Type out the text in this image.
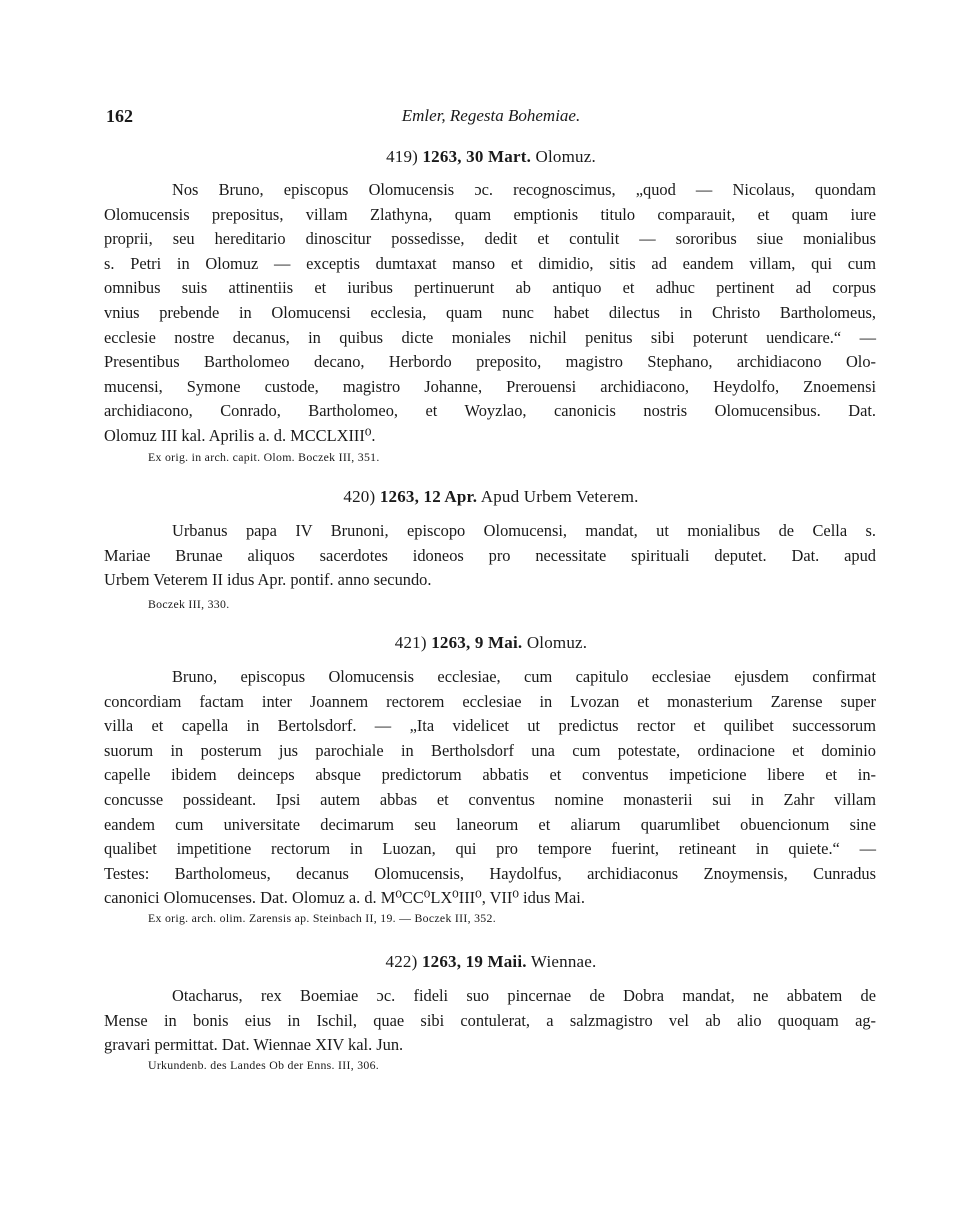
162	Emler, Regesta Bohemiae.
419) 1263, 30 Mart. Olomuz.
Nos Bruno, episcopus Olomucensis ɔc. recognoscimus, „quod — Nicolaus, quondam
Olomucensis prepositus, villam Zlathyna, quam emptionis titulo comparauit, et quam iure
proprii, seu hereditario dinoscitur possedisse, dedit et contulit — sororibus siue monialibus
s. Petri in Olomuz — exceptis dumtaxat manso et dimidio, sitis ad eandem villam, qui cum
omnibus suis attinentiis et iuribus pertinuerunt ab antiquo et adhuc pertinent ad corpus
vnius prebende in Olomucensi ecclesia, quam nunc habet dilectus in Christo Bartholomeus,
ecclesie nostre decanus, in quibus dicte moniales nichil penitus sibi poterunt uendicare.“ —
Presentibus Bartholomeo decano, Herbordo preposito, magistro Stephano, archidiacono Olo-
mucensi, Symone custode, magistro Johanne, Prerouensi archidiacono, Heydolfo, Znoemensi
archidiacono, Conrado, Bartholomeo, et Woyzlao, canonicis nostris Olomucensibus. Dat.
Olomuz III kal. Aprilis a. d. MCCLXIII⁰.
Ex orig. in arch. capit. Olom. Boczek III, 351.
420) 1263, 12 Apr. Apud Urbem Veterem.
Urbanus papa IV Brunoni, episcopo Olomucensi, mandat, ut monialibus de Cella s.
Mariae Brunae aliquos sacerdotes idoneos pro necessitate spirituali deputet. Dat. apud
Urbem Veterem II idus Apr. pontif. anno secundo.
Boczek III, 330.
421) 1263, 9 Mai. Olomuz.
Bruno, episcopus Olomucensis ecclesiae, cum capitulo ecclesiae ejusdem confirmat
concordiam factam inter Joannem rectorem ecclesiae in Lvozan et monasterium Zarense super
villa et capella in Bertolsdorf. — „Ita videlicet ut predictus rector et quilibet successorum
suorum in posterum jus parochiale in Bertholsdorf una cum potestate, ordinacione et dominio
capelle ibidem deinceps absque predictorum abbatis et conventus impeticione libere et in-
concusse possideant. Ipsi autem abbas et conventus nomine monasterii sui in Zahr villam
eandem cum universitate decimarum seu laneorum et aliarum quarumlibet obuencionum sine
qualibet impetitione rectorum in Luozan, qui pro tempore fuerint, retineant in quiete.“ —
Testes: Bartholomeus, decanus Olomucensis, Haydolfus, archidiaconus Znoymensis, Cunradus
canonici Olomucenses. Dat. Olomuz a. d. M⁰CC⁰LX⁰III⁰, VII⁰ idus Mai.
Ex orig. arch. olim. Zarensis ap. Steinbach II, 19. — Boczek III, 352.
422) 1263, 19 Maii. Wiennae.
Otacharus, rex Boemiae ɔc. fideli suo pincernae de Dobra mandat, ne abbatem de
Mense in bonis eius in Ischil, quae sibi contulerat, a salzmagistro vel ab alio quoquam ag-
gravari permittat. Dat. Wiennae XIV kal. Jun.
Urkundenb. des Landes Ob der Enns. III, 306.
